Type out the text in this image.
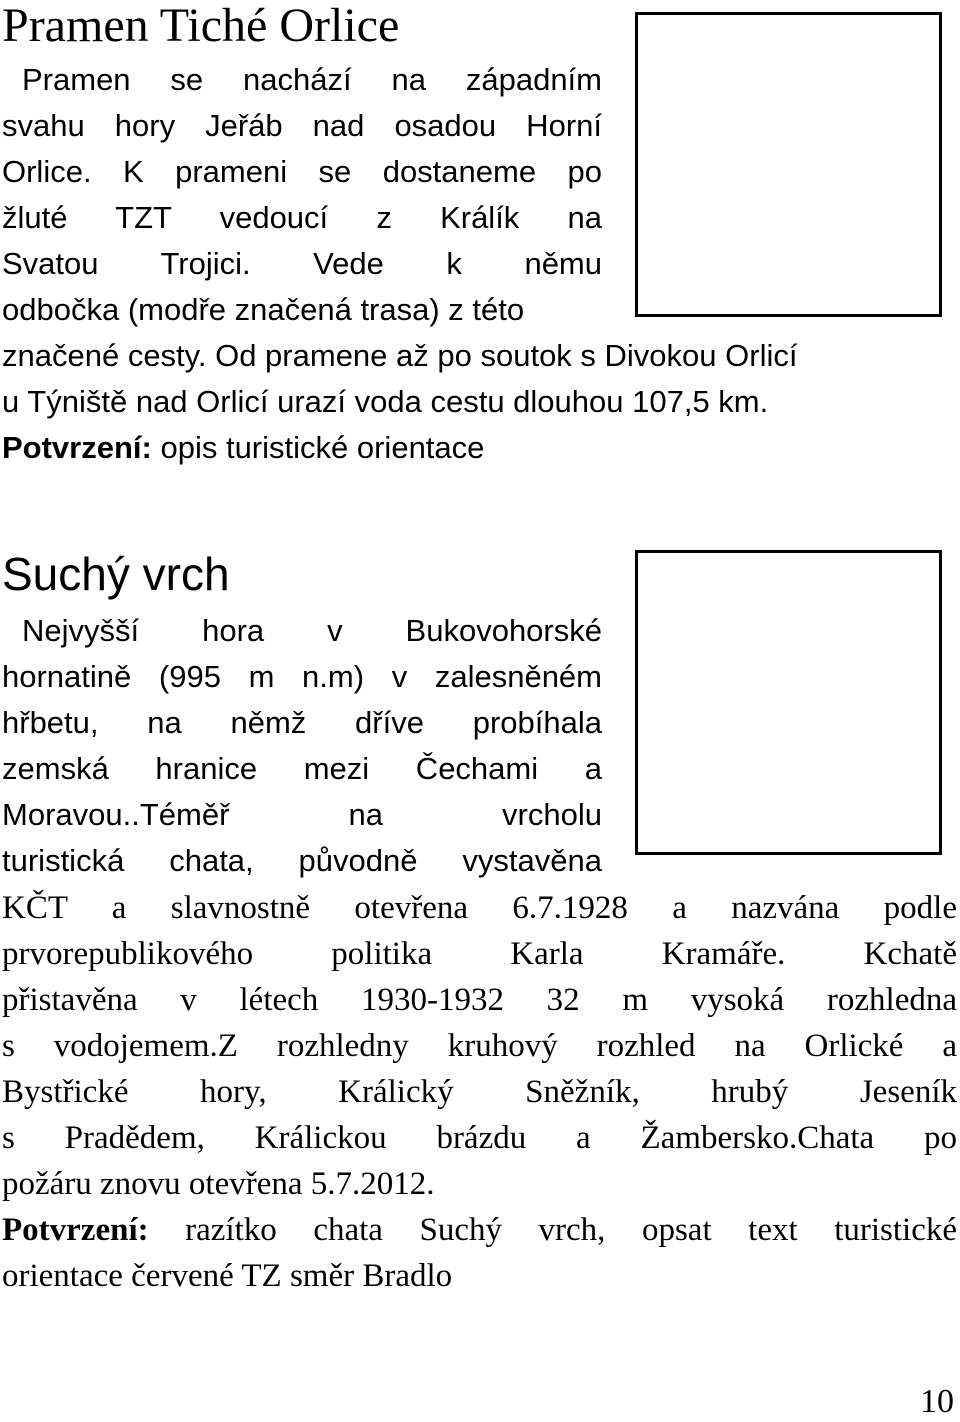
Pramen Tiché Orlice
Pramen se nachází na západním
svahu hory Jeřáb nad osadou Horní
Orlice. K prameni se dostaneme po
žluté TZT vedoucí z Králík na
Svatou Trojici. Vede k němu
odbočka (modře značená trasa) z této
značené cesty. Od pramene až po soutok s Divokou Orlicí
u Týniště nad Orlicí urazí voda cestu dlouhou 107,5 km.
Potvrzení: opis turistické orientace
Suchý vrch
Nejvyšší hora v Bukovohorské
hornatině (995 m n.m) v zalesněném
hřbetu, na němž dříve probíhala
zemská hranice mezi Čechami a
Moravou..Téměř na vrcholu
turistická chata, původně vystavěna
KČT a slavnostně otevřena 6.7.1928 a nazvána podle
prvorepublikového politika Karla Kramáře. Kchatě
přistavěna v létech 1930-1932 32 m vysoká rozhledna
s vodojemem.Z rozhledny kruhový rozhled na Orlické a
Bystřické hory, Králický Sněžník, hrubý Jeseník
s Pradědem, Králickou brázdu a Žambersko.Chata po
požáru znovu otevřena 5.7.2012.
Potvrzení: razítko chata Suchý vrch, opsat text turistické
orientace červené TZ směr Bradlo
10
